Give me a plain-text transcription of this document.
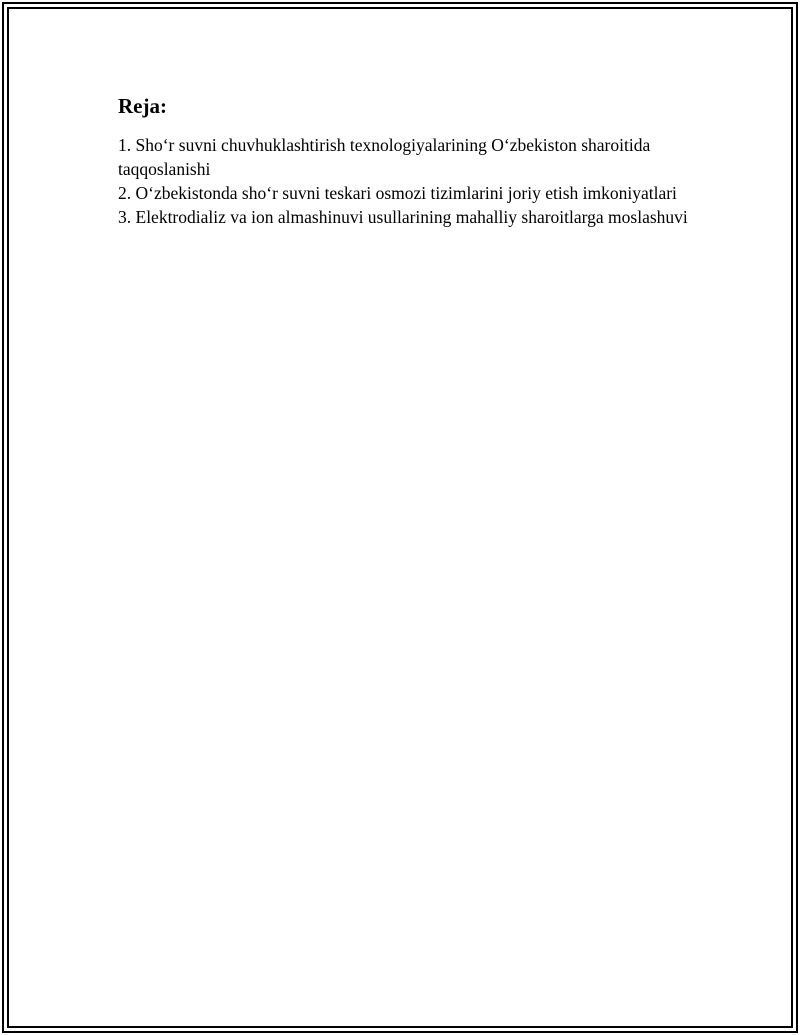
Reja:
1. Sho‘r suvni chuvhuklashtirish texnologiyalarining O‘zbekiston sharoitida taqqoslanishi
2. O‘zbekistonda sho‘r suvni teskari osmozi tizimlarini joriy etish imkoniyatlari
3. Elektrodializ va ion almashinuvi usullarining mahalliy sharoitlarga moslashuvi
